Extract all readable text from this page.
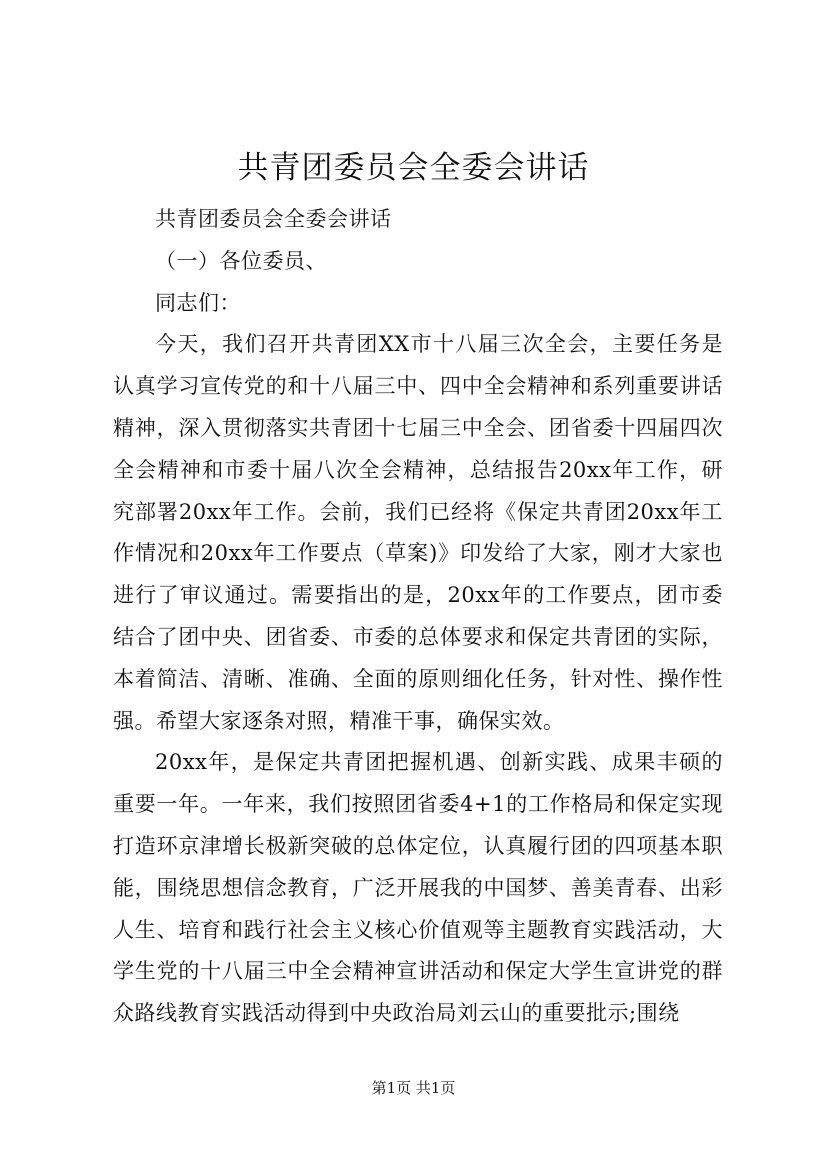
共青团委员会全委会讲话

共青团委员会全委会讲话

（一）各位委员、

同志们：

今天，我们召开共青团XX市十八届三次全会，主要任务是认真学习宣传党的和十八届三中、四中全会精神和系列重要讲话精神，深入贯彻落实共青团十七届三中全会、团省委十四届四次全会精神和市委十届八次全会精神，总结报告20xx年工作，研究部署20xx年工作。会前，我们已经将《保定共青团20xx年工作情况和20xx年工作要点（草案)》印发给了大家，刚才大家也进行了审议通过。需要指出的是，20xx年的工作要点，团市委结合了团中央、团省委、市委的总体要求和保定共青团的实际，本着简洁、清晰、准确、全面的原则细化任务，针对性、操作性强。希望大家逐条对照，精准干事，确保实效。

20xx年，是保定共青团把握机遇、创新实践、成果丰硕的重要一年。一年来，我们按照团省委4+1的工作格局和保定实现打造环京津增长极新突破的总体定位，认真履行团的四项基本职能，围绕思想信念教育，广泛开展我的中国梦、善美青春、出彩人生、培育和践行社会主义核心价值观等主题教育实践活动，大学生党的十八届三中全会精神宣讲活动和保定大学生宣讲党的群众路线教育实践活动得到中央政治局刘云山的重要批示;围绕

第1页 共1页
